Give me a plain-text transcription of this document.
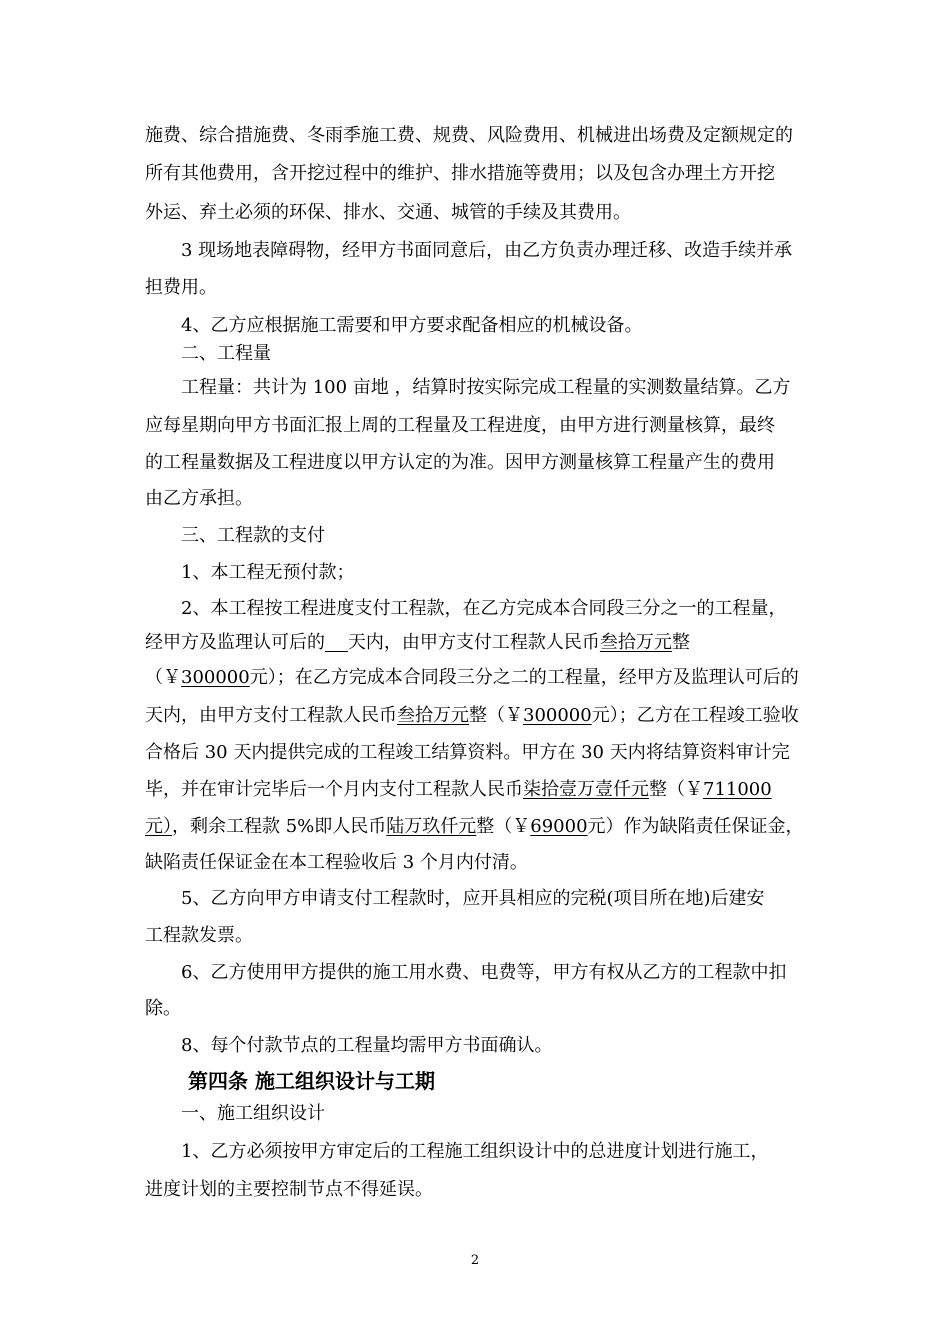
施费、综合措施费、冬雨季施工费、规费、风险费用、机械进出场费及定额规定的
所有其他费用，含开挖过程中的维护、排水措施等费用；以及包含办理土方开挖
外运、弃土必须的环保、排水、交通、城管的手续及其费用。
3 现场地表障碍物，经甲方书面同意后，由乙方负责办理迁移、改造手续并承
担费用。
4、乙方应根据施工需要和甲方要求配备相应的机械设备。
二、工程量
工程量：共计为 100 亩地 ，结算时按实际完成工程量的实测数量结算。乙方
应每星期向甲方书面汇报上周的工程量及工程进度，由甲方进行测量核算，最终
的工程量数据及工程进度以甲方认定的为准。因甲方测量核算工程量产生的费用
由乙方承担。
三、工程款的支付
1、本工程无预付款；
2、本工程按工程进度支付工程款，在乙方完成本合同段三分之一的工程量，
经甲方及监理认可后的 天内，由甲方支付工程款人民币叁拾万元整
（￥300000元）；在乙方完成本合同段三分之二的工程量，经甲方及监理认可后的
天内，由甲方支付工程款人民币叁拾万元整（￥300000元）；乙方在工程竣工验收
合格后 30 天内提供完成的工程竣工结算资料。甲方在 30 天内将结算资料审计完
毕，并在审计完毕后一个月内支付工程款人民币柒拾壹万壹仟元整（￥711000
元），剩余工程款 5%即人民币陆万玖仟元整（￥69000元）作为缺陷责任保证金，
缺陷责任保证金在本工程验收后 3 个月内付清。
5、乙方向甲方申请支付工程款时，应开具相应的完税(项目所在地)后建安
工程款发票。
6、乙方使用甲方提供的施工用水费、电费等，甲方有权从乙方的工程款中扣
除。
8、每个付款节点的工程量均需甲方书面确认。
第四条 施工组织设计与工期
一、施工组织设计
1、乙方必须按甲方审定后的工程施工组织设计中的总进度计划进行施工，
进度计划的主要控制节点不得延误。
2
